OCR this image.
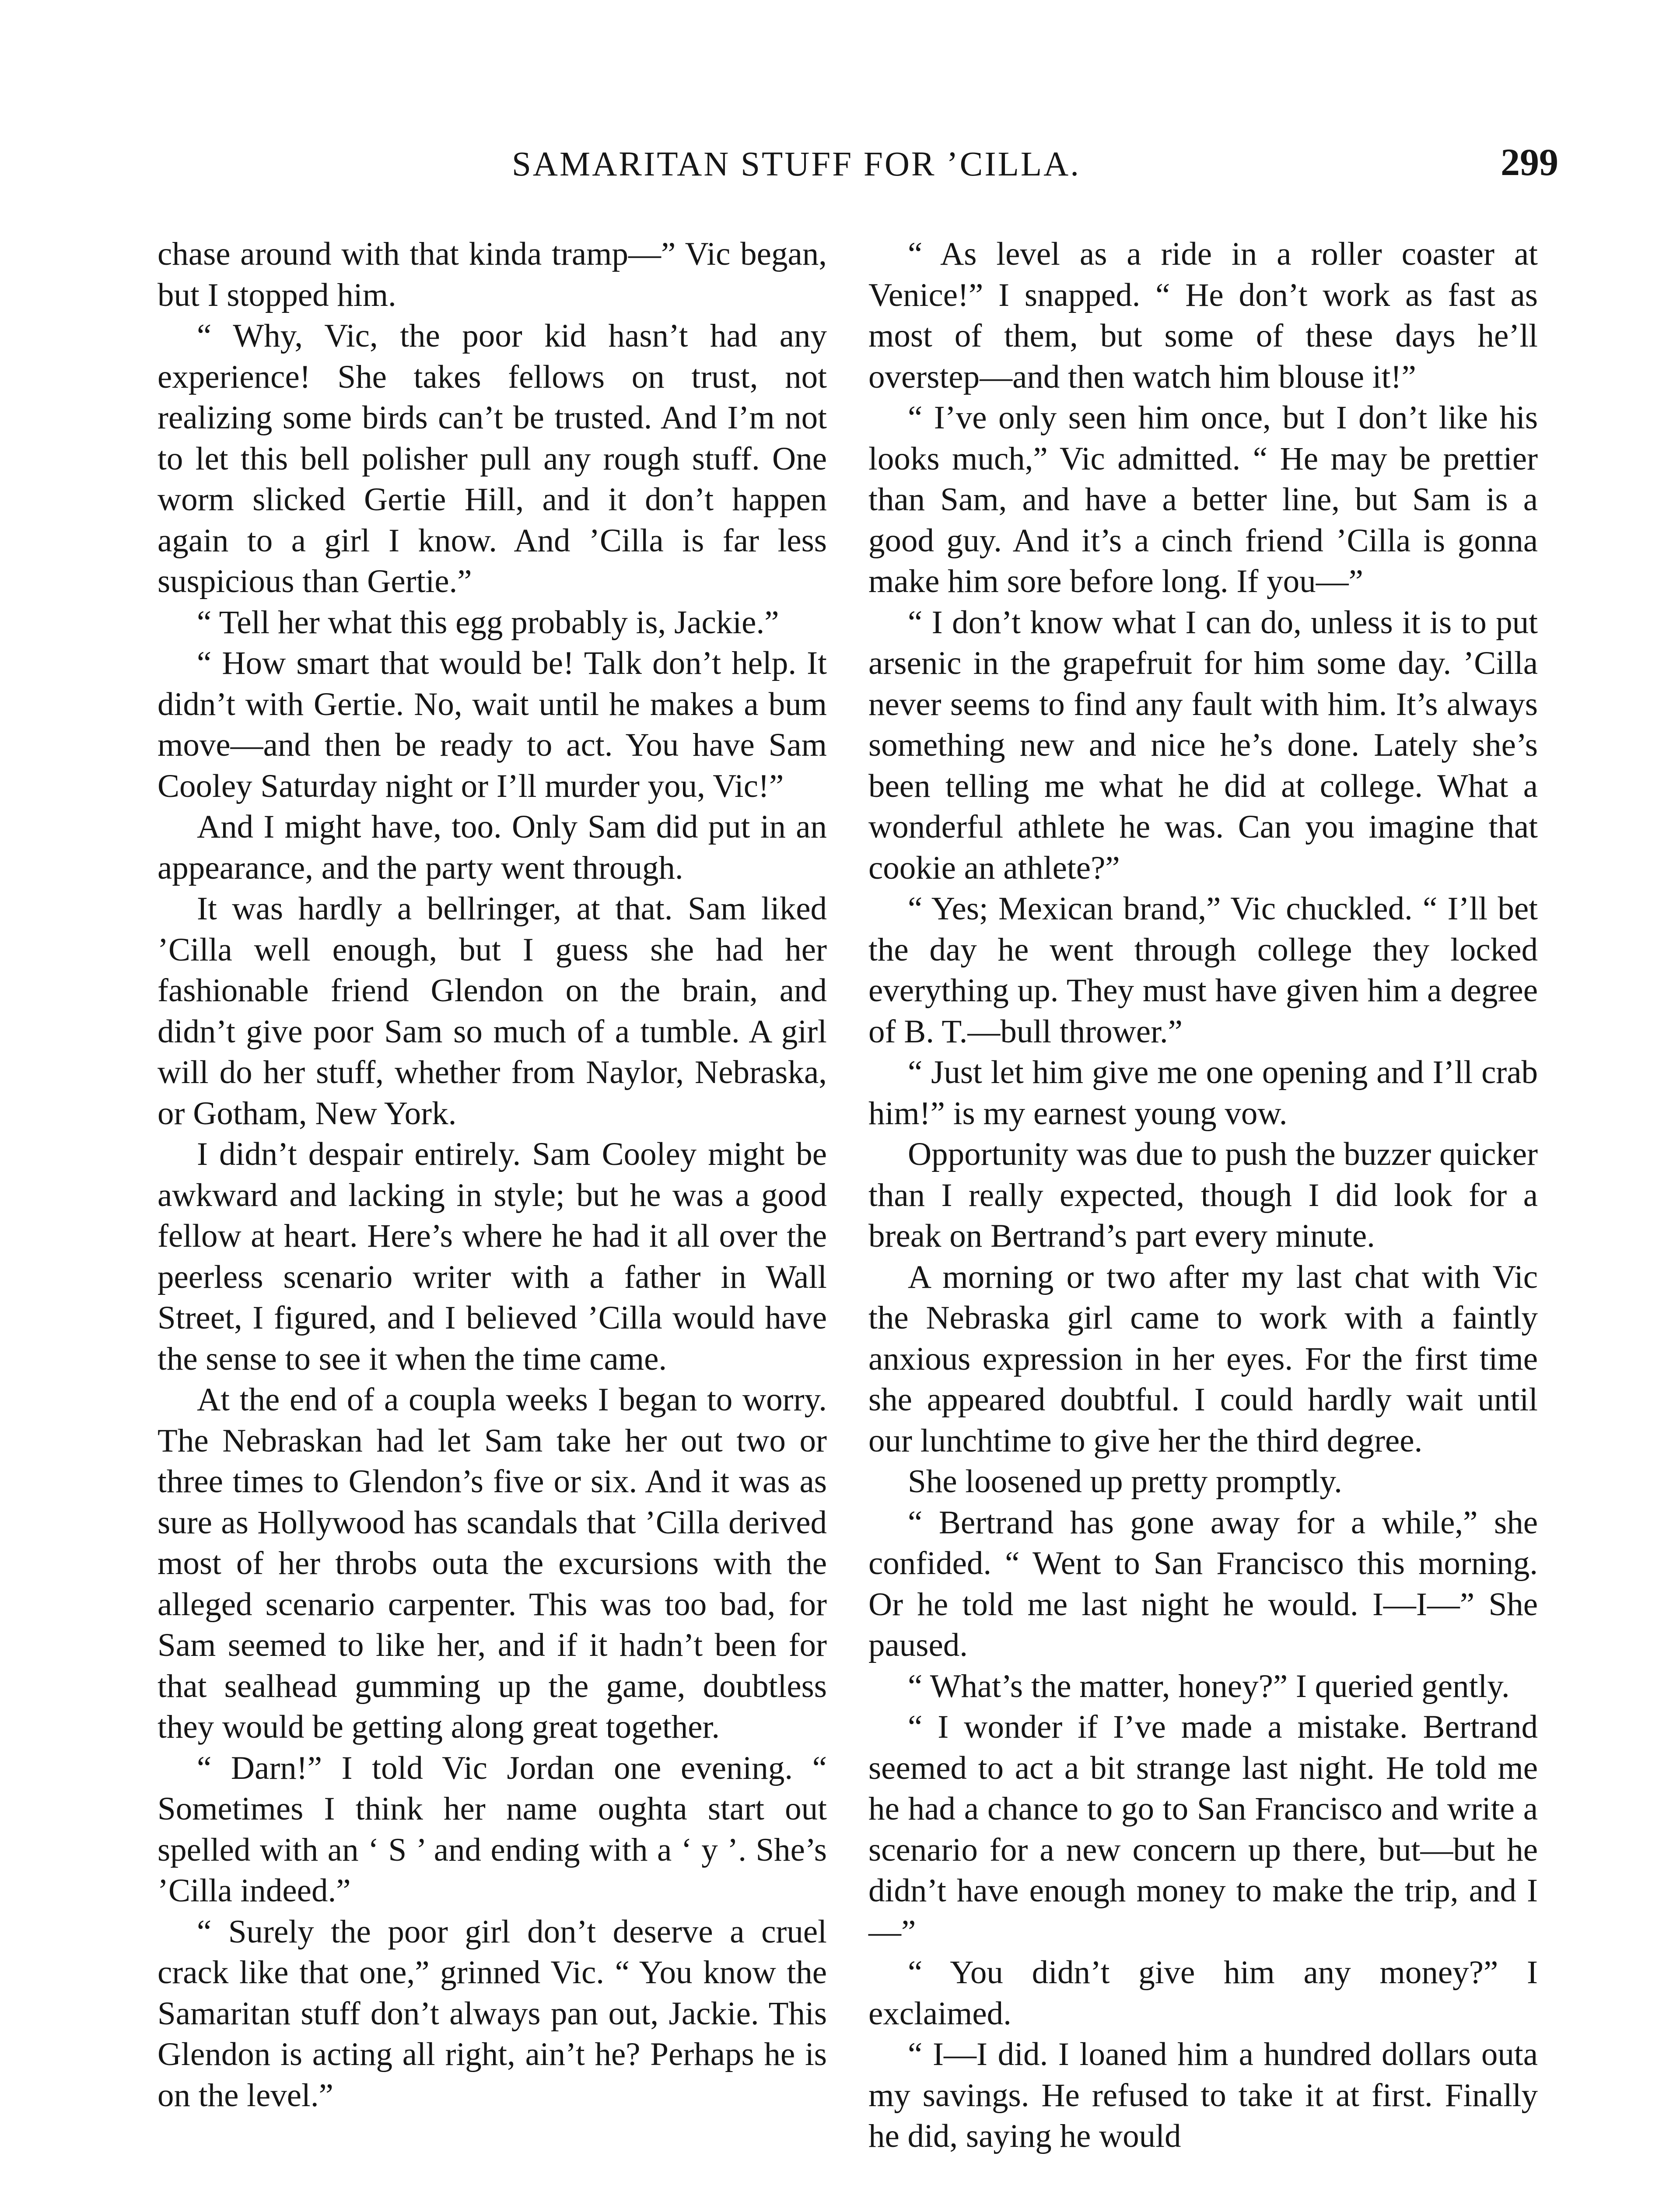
SAMARITAN STUFF FOR ’CILLA.	299

chase around with that kinda tramp—” Vic began, but I stopped him.

“ Why, Vic, the poor kid hasn’t had any experience! She takes fellows on trust, not realizing some birds can’t be trusted. And I’m not to let this bell polisher pull any rough stuff. One worm slicked Gertie Hill, and it don’t happen again to a girl I know. And ’Cilla is far less suspicious than Gertie.”

“ Tell her what this egg probably is, Jackie.”

“ How smart that would be! Talk don’t help. It didn’t with Gertie. No, wait until he makes a bum move—and then be ready to act. You have Sam Cooley Saturday night or I’ll murder you, Vic!”

And I might have, too. Only Sam did put in an appearance, and the party went through.

It was hardly a bellringer, at that. Sam liked ’Cilla well enough, but I guess she had her fashionable friend Glendon on the brain, and didn’t give poor Sam so much of a tumble. A girl will do her stuff, whether from Naylor, Nebraska, or Gotham, New York.

I didn’t despair entirely. Sam Cooley might be awkward and lacking in style; but he was a good fellow at heart. Here’s where he had it all over the peerless scenario writer with a father in Wall Street, I figured, and I believed ’Cilla would have the sense to see it when the time came.

At the end of a coupla weeks I began to worry. The Nebraskan had let Sam take her out two or three times to Glendon’s five or six. And it was as sure as Hollywood has scandals that ’Cilla derived most of her throbs outa the excursions with the alleged scenario carpenter. This was too bad, for Sam seemed to like her, and if it hadn’t been for that sealhead gumming up the game, doubtless they would be getting along great together.

“ Darn!” I told Vic Jordan one evening. “ Sometimes I think her name oughta start out spelled with an ‘ S ’ and ending with a ‘ y ’. She’s ’Cilla indeed.”

“ Surely the poor girl don’t deserve a cruel crack like that one,” grinned Vic. “ You know the Samaritan stuff don’t always pan out, Jackie. This Glendon is acting all right, ain’t he? Perhaps he is on the level.”

“ As level as a ride in a roller coaster at Venice!” I snapped. “ He don’t work as fast as most of them, but some of these days he’ll overstep—and then watch him blouse it!”

“ I’ve only seen him once, but I don’t like his looks much,” Vic admitted. “ He may be prettier than Sam, and have a better line, but Sam is a good guy. And it’s a cinch friend ’Cilla is gonna make him sore before long. If you—”

“ I don’t know what I can do, unless it is to put arsenic in the grapefruit for him some day. ’Cilla never seems to find any fault with him. It’s always something new and nice he’s done. Lately she’s been telling me what he did at college. What a wonderful athlete he was. Can you imagine that cookie an athlete?”

“ Yes; Mexican brand,” Vic chuckled. “ I’ll bet the day he went through college they locked everything up. They must have given him a degree of B. T.—bull thrower.”

“ Just let him give me one opening and I’ll crab him!” is my earnest young vow.

Opportunity was due to push the buzzer quicker than I really expected, though I did look for a break on Bertrand’s part every minute.

A morning or two after my last chat with Vic the Nebraska girl came to work with a faintly anxious expression in her eyes. For the first time she appeared doubtful. I could hardly wait until our lunchtime to give her the third degree.

She loosened up pretty promptly.

“ Bertrand has gone away for a while,” she confided. “ Went to San Francisco this morning. Or he told me last night he would. I—I—” She paused.

“ What’s the matter, honey?” I queried gently.

“ I wonder if I’ve made a mistake. Bertrand seemed to act a bit strange last night. He told me he had a chance to go to San Francisco and write a scenario for a new concern up there, but—but he didn’t have enough money to make the trip, and I—”

“ You didn’t give him any money?” I exclaimed.

“ I—I did. I loaned him a hundred dollars outa my savings. He refused to take it at first. Finally he did, saying he would
